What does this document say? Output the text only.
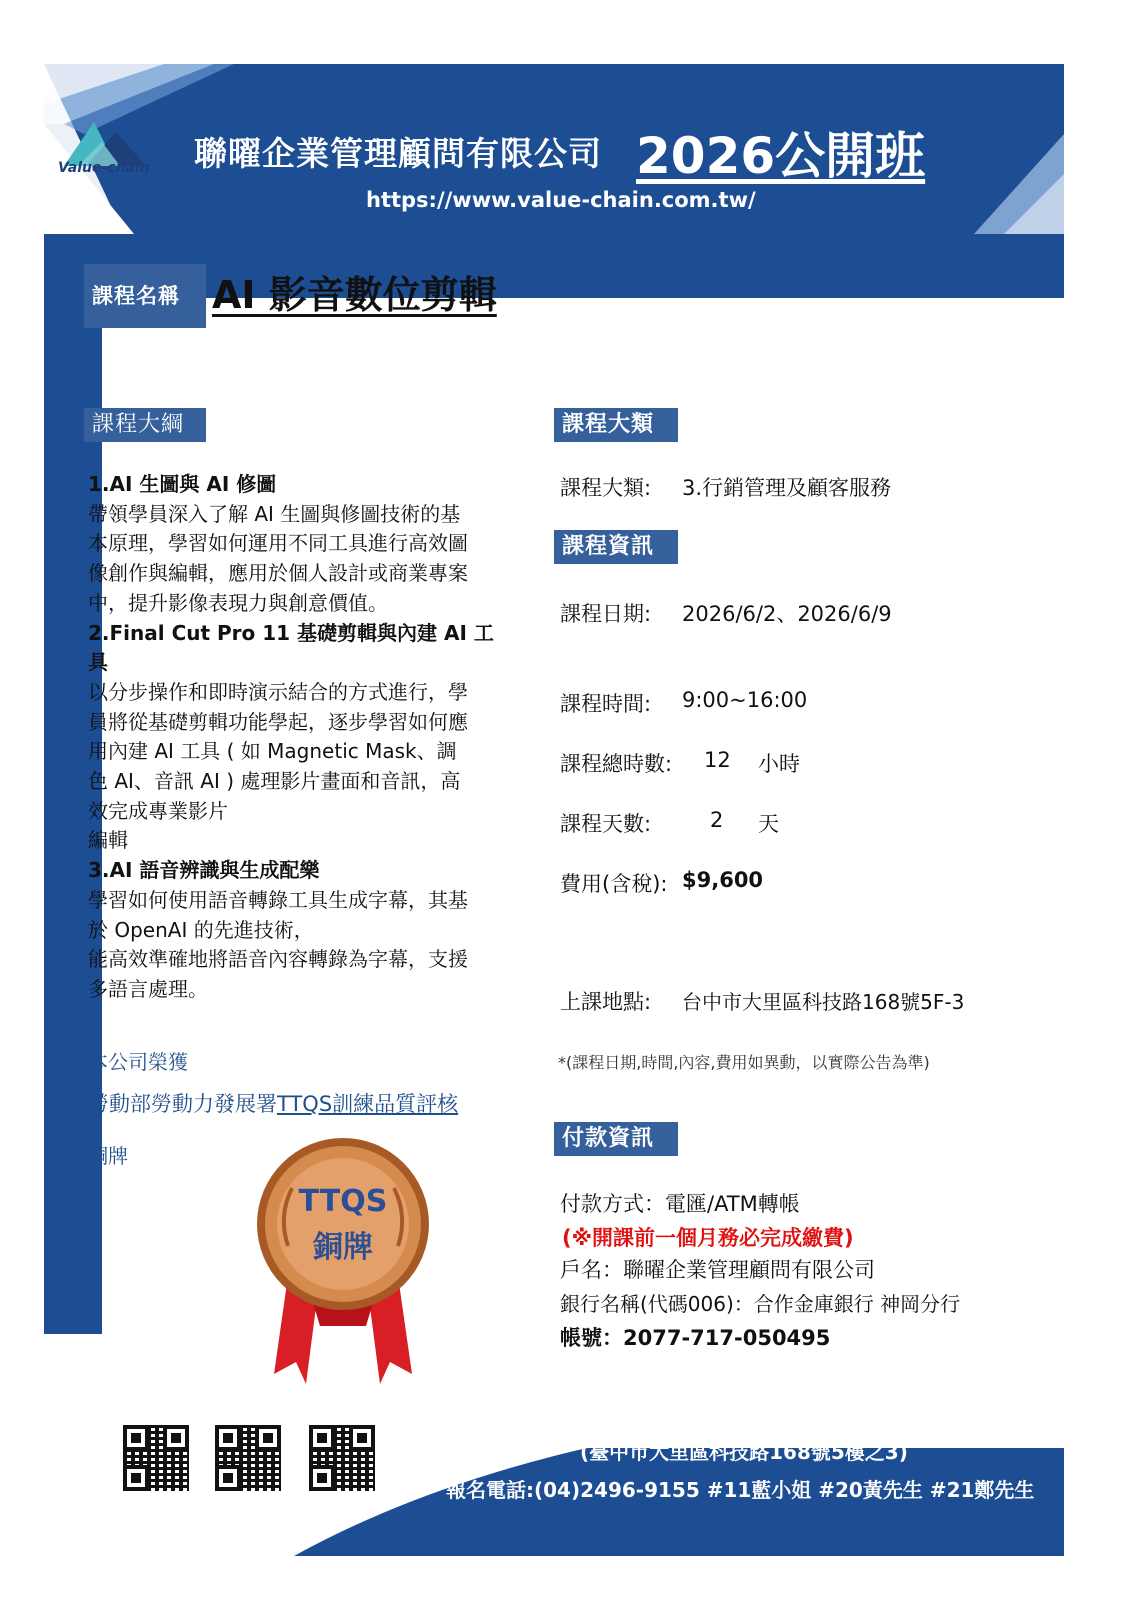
Value-chain 聯曜企業管理顧問有限公司 2026公開班
https://www.value-chain.com.tw/
課程名稱 AI 影音數位剪輯
課程大綱
1.AI 生圖與 AI 修圖
帶領學員深入了解 AI 生圖與修圖技術的基
本原理，學習如何運用不同工具進行高效圖
像創作與編輯，應用於個人設計或商業專案
中，提升影像表現力與創意價值。
2.Final Cut Pro 11 基礎剪輯與內建 AI 工
具
以分步操作和即時演示結合的方式進行，學
員將從基礎剪輯功能學起，逐步學習如何應
用內建 AI 工具 ( 如 Magnetic Mask、調
色 AI、音訊 AI ) 處理影片畫面和音訊，高
效完成專業影片
編輯
3.AI 語音辨識與生成配樂
學習如何使用語音轉錄工具生成字幕，其基
於 OpenAI 的先進技術，
能高效準確地將語音內容轉錄為字幕，支援
多語言處理。
本公司榮獲
勞動部勞動力發展署TTQS訓練品質評核
銅牌
TTQS
銅牌
課程大類
課程大類: 3.行銷管理及顧客服務
課程資訊
課程日期: 2026/6/2、2026/6/9
課程時間: 9:00~16:00
課程總時數: 12 小時
課程天數:	2 天
費用(含稅): $9,600
上課地點: 台中市大里區科技路168號5F-3
*(課程日期,時間,內容,費用如異動，以實際公告為準)
付款資訊
付款方式：電匯/ATM轉帳
(※開課前一個月務必完成繳費)
戶名：聯曜企業管理顧問有限公司
銀行名稱(代碼006)：合作金庫銀行 神岡分行
帳號：2077-717-050495
辦訓單位:聯曜企業管理顧問有限公司
(臺中市大里區科技路168號5樓之3)
報名電話:(04)2496-9155 #11藍小姐 #20黃先生 #21鄭先生
